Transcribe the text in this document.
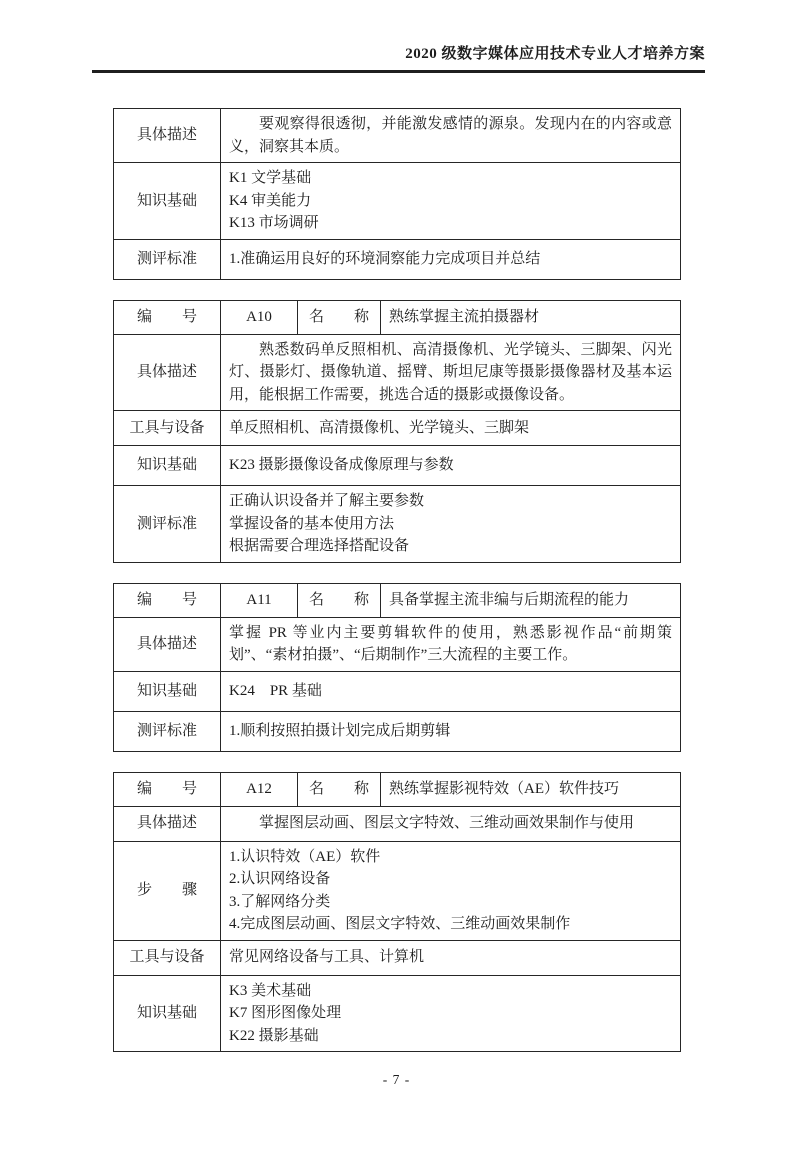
2020 级数字媒体应用技术专业人才培养方案
具体描述	要观察得很透彻，并能激发感情的源泉。发现内在的内容或意义，洞察其本质。

知识基础	K1 文学基础
K4 审美能力
K13 市场调研

测评标准	1.准确运用良好的环境洞察能力完成项目并总结
编　　号	A10	名　　称	熟练掌握主流拍摄器材
具体描述	熟悉数码单反照相机、高清摄像机、光学镜头、三脚架、闪光灯、摄影灯、摄像轨道、摇臂、斯坦尼康等摄影摄像器材及基本运用，能根据工作需要，挑选合适的摄影或摄像设备。		

工具与设备	单反照相机、高清摄像机、光学镜头、三脚架		
知识基础	K23 摄影摄像设备成像原理与参数		

测评标准	正确认识设备并了解主要参数
掌握设备的基本使用方法
根据需要合理选择搭配设备		
编　　号	A11	名　　称	具备掌握主流非编与后期流程的能力
具体描述	掌握 PR 等业内主要剪辑软件的使用，熟悉影视作品“前期策划”、“素材拍摄”、“后期制作”三大流程的主要工作。		

知识基础	K24　PR 基础		

测评标准	1.顺利按照拍摄计划完成后期剪辑		
编　　号	A12	名　　称	熟练掌握影视特效（AE）软件技巧
具体描述	掌握图层动画、图层文字特效、三维动画效果制作与使用		

步　　骤	1.认识特效（AE）软件
2.认识网络设备
3.了解网络分类
4.完成图层动画、图层文字特效、三维动画效果制作		

工具与设备	常见网络设备与工具、计算机		
知识基础	K3 美术基础
K7 图形图像处理
K22 摄影基础		
- 7 -
